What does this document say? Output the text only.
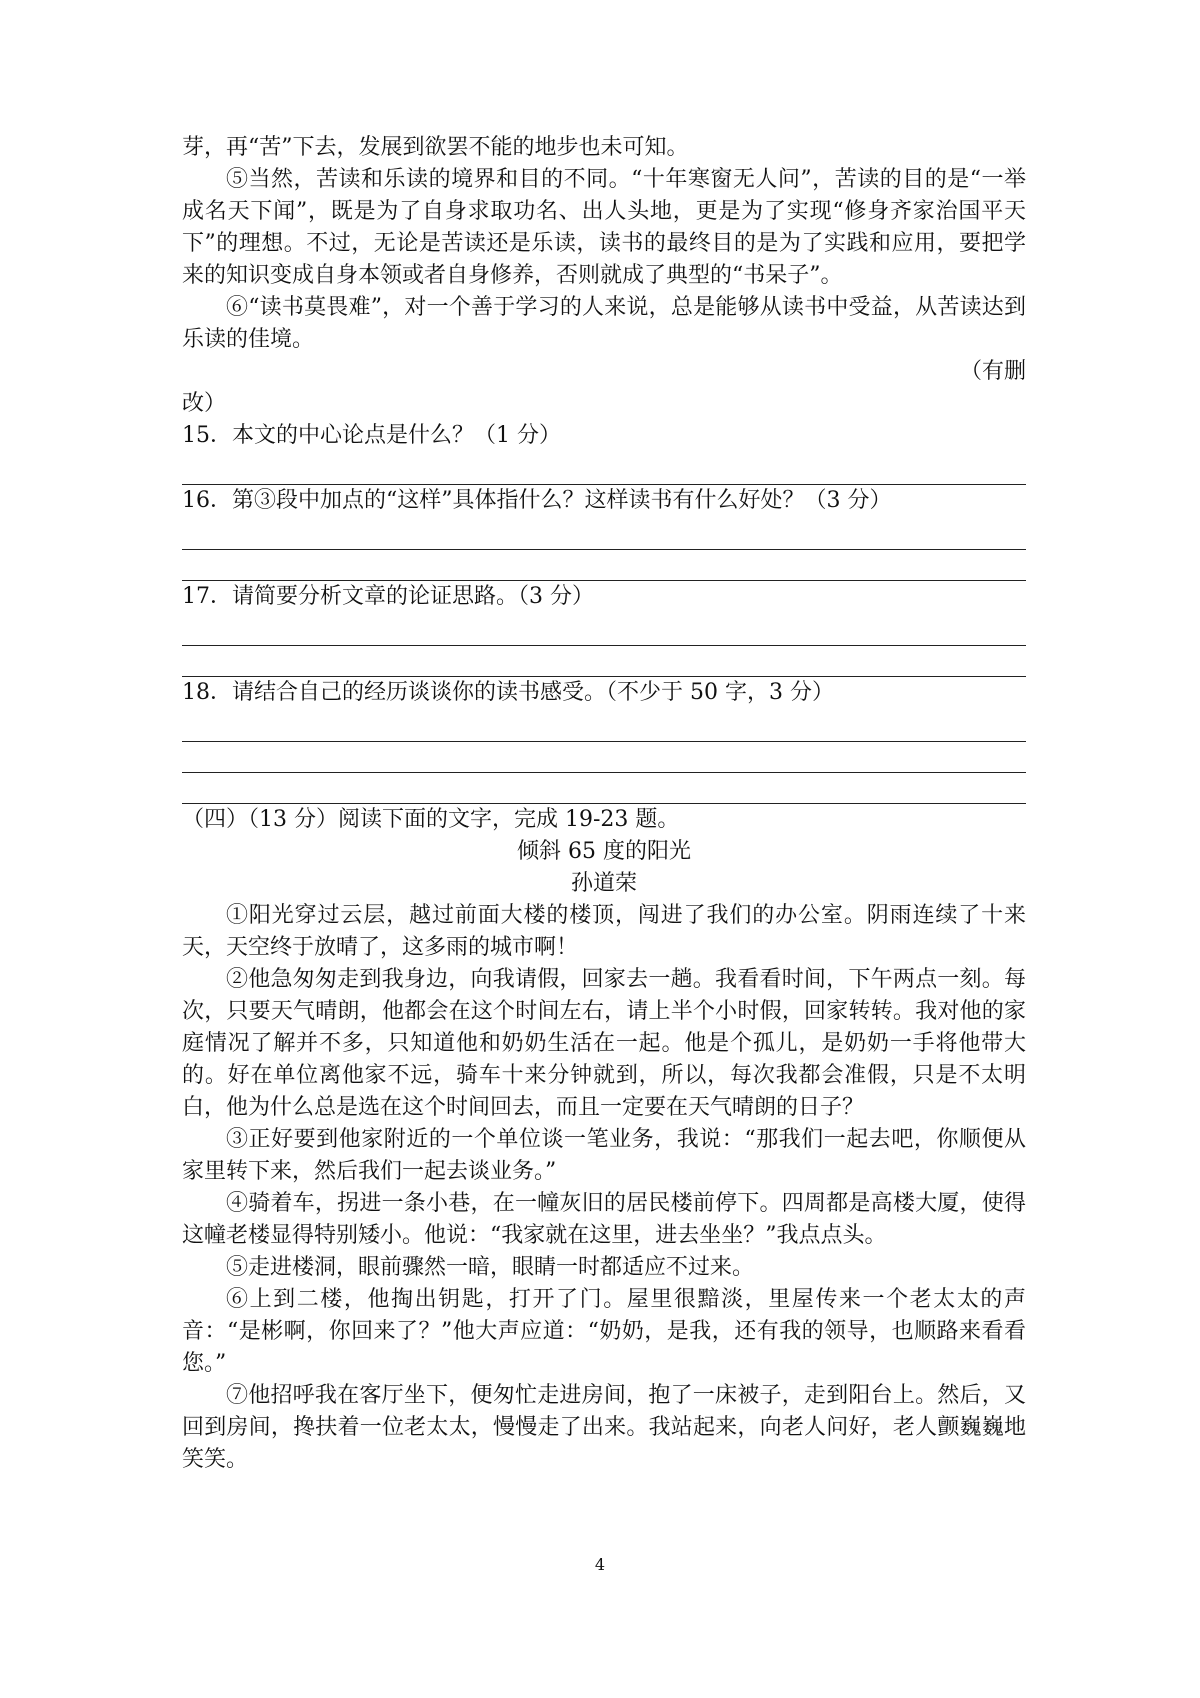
芽，再“苦”下去，发展到欲罢不能的地步也未可知。

⑤当然，苦读和乐读的境界和目的不同。“十年寒窗无人问”，苦读的目的是“一举成名天下闻”，既是为了自身求取功名、出人头地，更是为了实现“修身齐家治国平天下”的理想。不过，无论是苦读还是乐读，读书的最终目的是为了实践和应用，要把学来的知识变成自身本领或者自身修养，否则就成了典型的“书呆子”。

⑥“读书莫畏难”，对一个善于学习的人来说，总是能够从读书中受益，从苦读达到乐读的佳境。

（有删

改）

15．本文的中心论点是什么？（1 分）

16．第③段中加点的“这样”具体指什么？这样读书有什么好处？（3 分）

17．请简要分析文章的论证思路。（3 分）

18．请结合自己的经历谈谈你的读书感受。（不少于 50 字，3 分）

（四）（13 分）阅读下面的文字，完成 19-23 题。

倾斜 65 度的阳光

孙道荣

①阳光穿过云层，越过前面大楼的楼顶，闯进了我们的办公室。阴雨连续了十来天，天空终于放晴了，这多雨的城市啊！

②他急匆匆走到我身边，向我请假，回家去一趟。我看看时间，下午两点一刻。每次，只要天气晴朗，他都会在这个时间左右，请上半个小时假，回家转转。我对他的家庭情况了解并不多，只知道他和奶奶生活在一起。他是个孤儿，是奶奶一手将他带大的。好在单位离他家不远，骑车十来分钟就到，所以，每次我都会准假，只是不太明白，他为什么总是选在这个时间回去，而且一定要在天气晴朗的日子？

③正好要到他家附近的一个单位谈一笔业务，我说：“那我们一起去吧，你顺便从家里转下来，然后我们一起去谈业务。”

④骑着车，拐进一条小巷，在一幢灰旧的居民楼前停下。四周都是高楼大厦，使得这幢老楼显得特别矮小。他说：“我家就在这里，进去坐坐？”我点点头。

⑤走进楼洞，眼前骤然一暗，眼睛一时都适应不过来。

⑥上到二楼，他掏出钥匙，打开了门。屋里很黯淡，里屋传来一个老太太的声音：“是彬啊，你回来了？”他大声应道：“奶奶，是我，还有我的领导，也顺路来看看您。”

⑦他招呼我在客厅坐下，便匆忙走进房间，抱了一床被子，走到阳台上。然后，又回到房间，搀扶着一位老太太，慢慢走了出来。我站起来，向老人问好，老人颤巍巍地笑笑。

4
